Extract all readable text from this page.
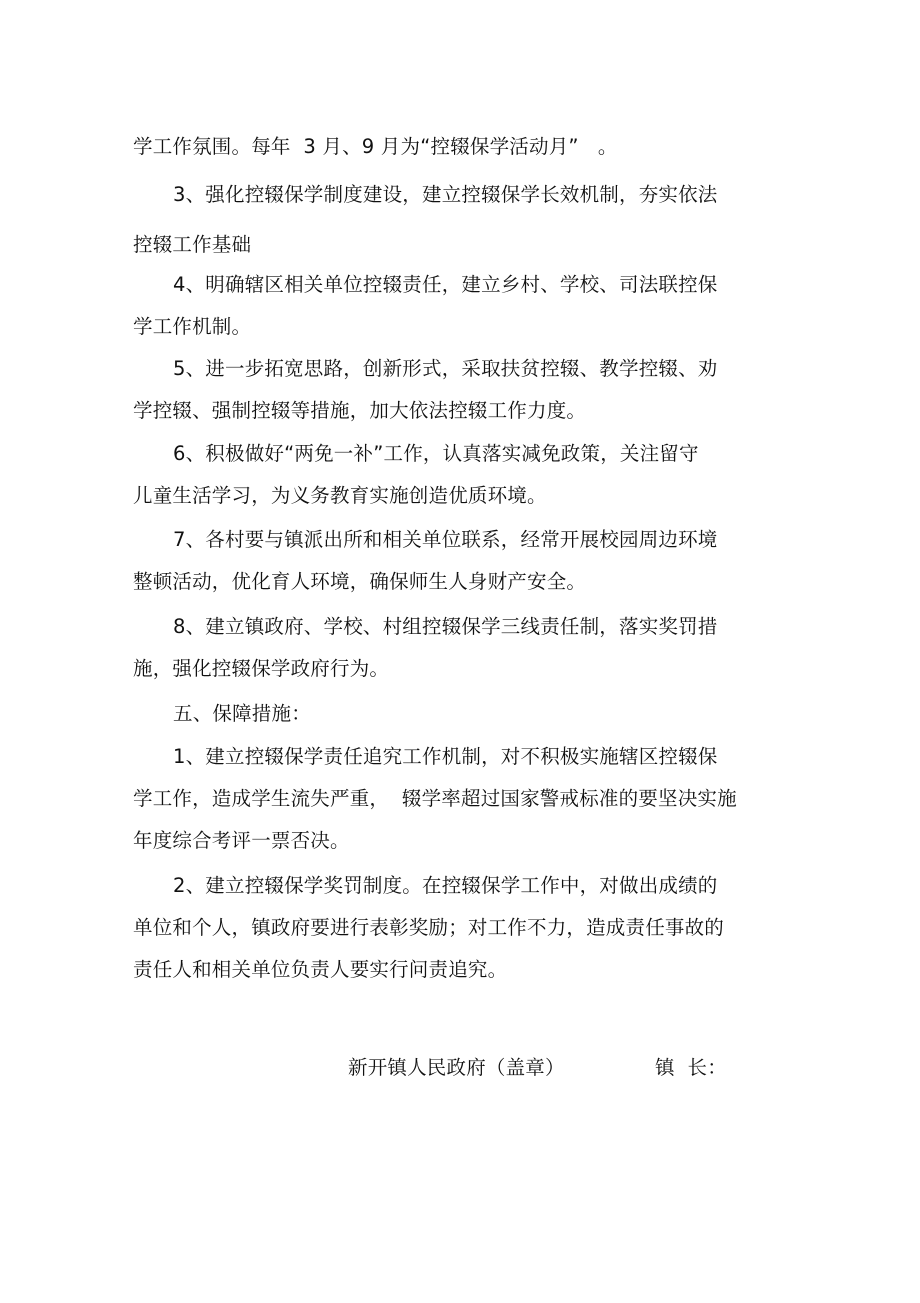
学工作氛围。每年  3 月、9 月为“控辍保学活动月”   。
3、强化控辍保学制度建设，建立控辍保学长效机制，夯实依法
控辍工作基础
4、明确辖区相关单位控辍责任，建立乡村、学校、司法联控保
学工作机制。
5、进一步拓宽思路，创新形式，采取扶贫控辍、教学控辍、劝
学控辍、强制控辍等措施，加大依法控辍工作力度。
6、积极做好“两免一补”工作，认真落实减免政策，关注留守
儿童生活学习，为义务教育实施创造优质环境。
7、各村要与镇派出所和相关单位联系，经常开展校园周边环境
整顿活动，优化育人环境，确保师生人身财产安全。
8、建立镇政府、学校、村组控辍保学三线责任制，落实奖罚措
施，强化控辍保学政府行为。
五、保障措施：
1、建立控辍保学责任追究工作机制，对不积极实施辖区控辍保
学工作，造成学生流失严重，  辍学率超过国家警戒标准的要坚决实施
年度综合考评一票否决。
2、建立控辍保学奖罚制度。在控辍保学工作中，对做出成绩的
单位和个人，镇政府要进行表彰奖励；对工作不力，造成责任事故的
责任人和相关单位负责人要实行问责追究。
新开镇人民政府（盖章）	镇  长：
